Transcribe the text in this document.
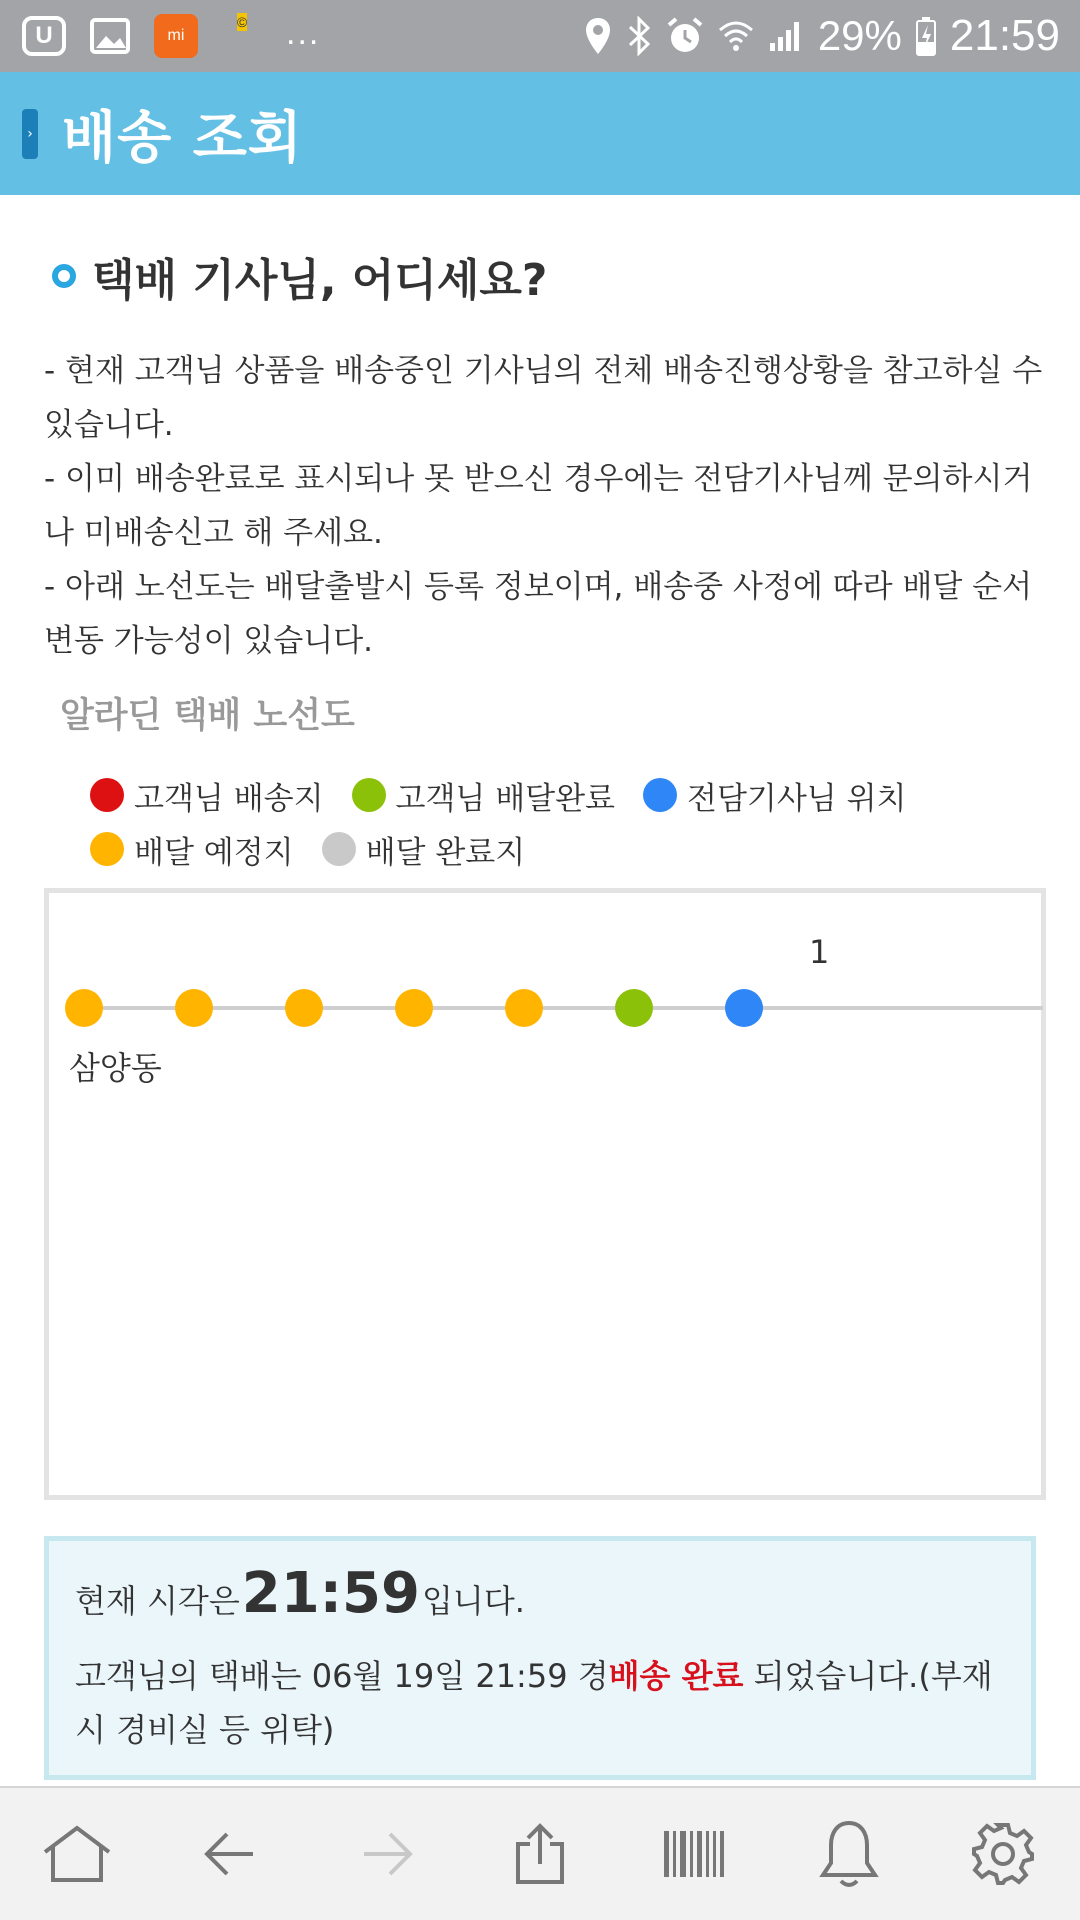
U	mi
© ...	29% 21:59
› 배송 조회
택배 기사님, 어디세요?

- 현재 고객님 상품을 배송중인 기사님의 전체 배송진행상황을 참고하실 수 있습니다.

- 이미 배송완료로 표시되나 못 받으신 경우에는 전담기사님께 문의하시거나 미배송신고 해 주세요.

- 아래 노선도는 배달출발시 등록 정보이며, 배송중 사정에 따라 배달 순서 변동 가능성이 있습니다.

알라딘 택배 노선도
고객님 배송지 고객님 배달완료 전담기사님 위치
배달 예정지 배달 완료지
1
삼양동
현재 시각은 21:59 입니다.
고객님의 택배는 06월 19일 21:59 경배송 완료 되었습니다.(부재시 경비실 등 위탁)
